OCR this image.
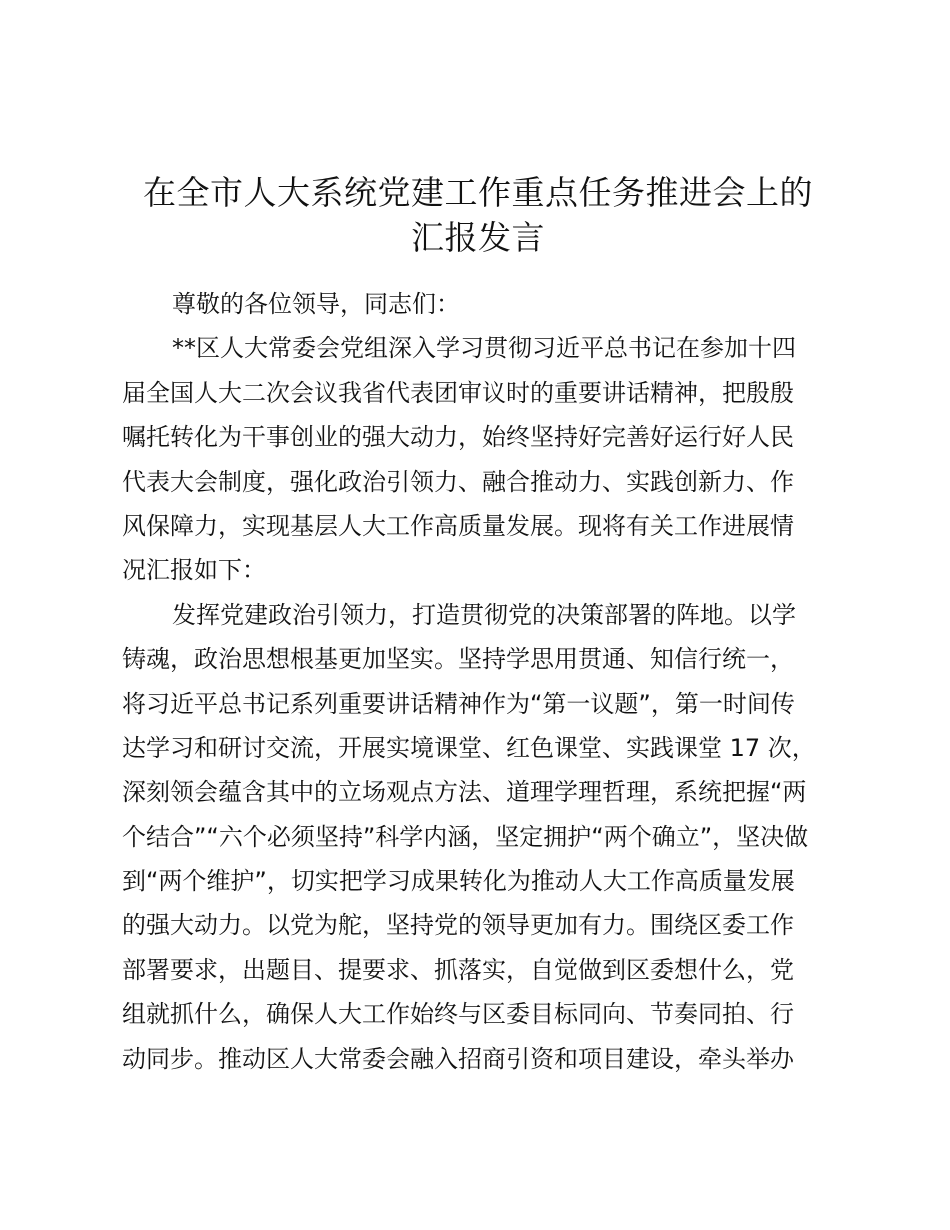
在全市人大系统党建工作重点任务推进会上的
汇报发言
尊敬的各位领导，同志们：
**区人大常委会党组深入学习贯彻习近平总书记在参加十四
届全国人大二次会议我省代表团审议时的重要讲话精神，把殷殷
嘱托转化为干事创业的强大动力，始终坚持好完善好运行好人民
代表大会制度，强化政治引领力、融合推动力、实践创新力、作
风保障力，实现基层人大工作高质量发展。现将有关工作进展情
况汇报如下：
发挥党建政治引领力，打造贯彻党的决策部署的阵地。以学
铸魂，政治思想根基更加坚实。坚持学思用贯通、知信行统一，
将习近平总书记系列重要讲话精神作为“第一议题”，第一时间传
达学习和研讨交流，开展实境课堂、红色课堂、实践课堂 17 次，
深刻领会蕴含其中的立场观点方法、道理学理哲理，系统把握“两
个结合”“六个必须坚持”科学内涵，坚定拥护“两个确立”，坚决做
到“两个维护”，切实把学习成果转化为推动人大工作高质量发展
的强大动力。以党为舵，坚持党的领导更加有力。围绕区委工作
部署要求，出题目、提要求、抓落实，自觉做到区委想什么，党
组就抓什么，确保人大工作始终与区委目标同向、节奏同拍、行
动同步。推动区人大常委会融入招商引资和项目建设，牵头举办
